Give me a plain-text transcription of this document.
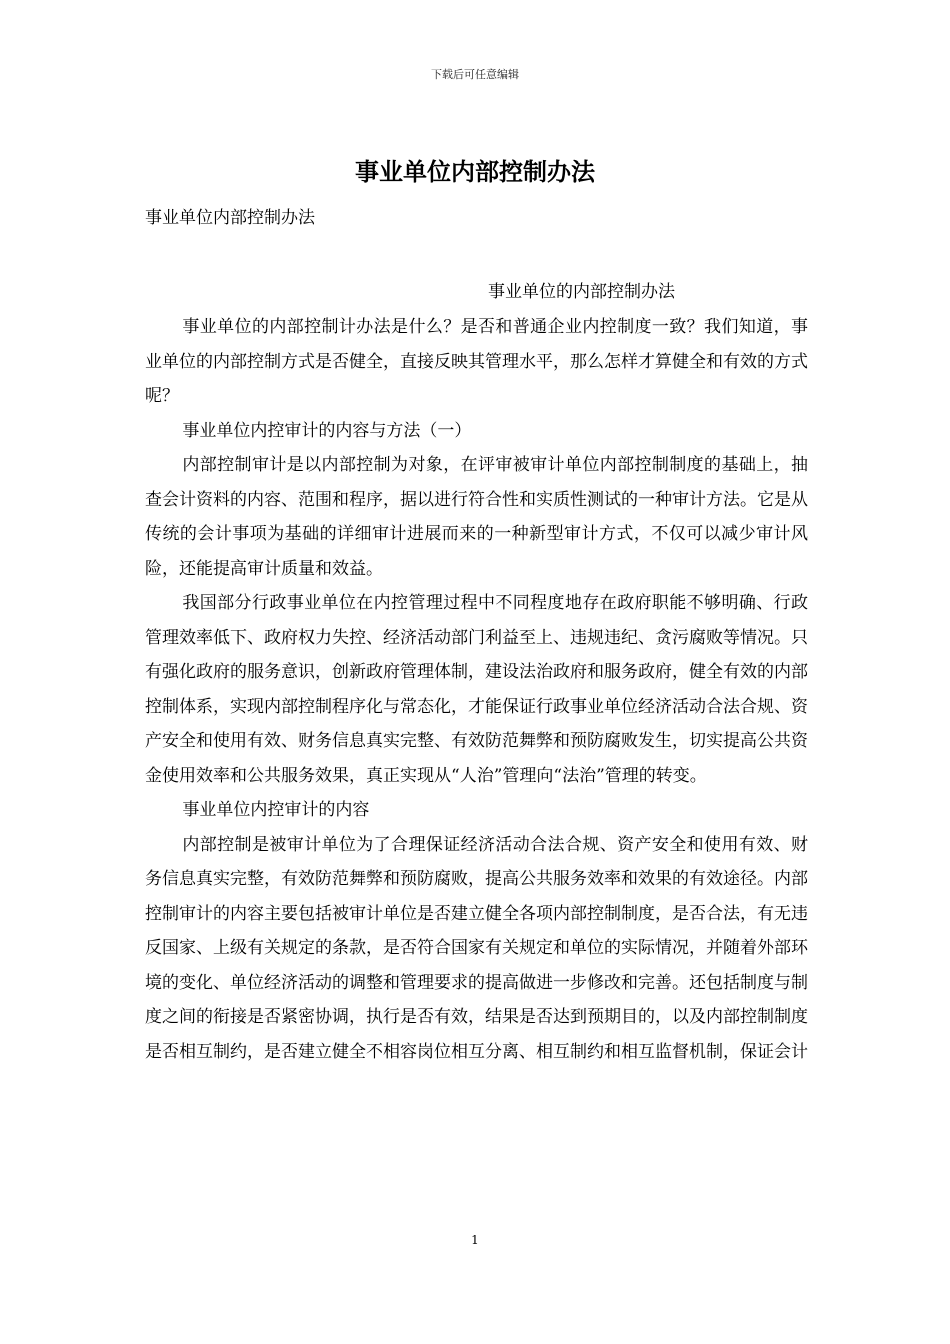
下载后可任意编辑
事业单位内部控制办法
事业单位内部控制办法
事业单位的内部控制办法

事业单位的内部控制计办法是什么？是否和普通企业内控制度一致？我们知道，事业单位的内部控制方式是否健全，直接反映其管理水平，那么怎样才算健全和有效的方式呢？

事业单位内控审计的内容与方法（一）

内部控制审计是以内部控制为对象，在评审被审计单位内部控制制度的基础上，抽查会计资料的内容、范围和程序，据以进行符合性和实质性测试的一种审计方法。它是从传统的会计事项为基础的详细审计进展而来的一种新型审计方式，不仅可以减少审计风险，还能提高审计质量和效益。

我国部分行政事业单位在内控管理过程中不同程度地存在政府职能不够明确、行政管理效率低下、政府权力失控、经济活动部门利益至上、违规违纪、贪污腐败等情况。只有强化政府的服务意识，创新政府管理体制，建设法治政府和服务政府，健全有效的内部控制体系，实现内部控制程序化与常态化，才能保证行政事业单位经济活动合法合规、资产安全和使用有效、财务信息真实完整、有效防范舞弊和预防腐败发生，切实提高公共资金使用效率和公共服务效果，真正实现从“人治”管理向“法治”管理的转变。

事业单位内控审计的内容

内部控制是被审计单位为了合理保证经济活动合法合规、资产安全和使用有效、财务信息真实完整，有效防范舞弊和预防腐败，提高公共服务效率和效果的有效途径。内部控制审计的内容主要包括被审计单位是否建立健全各项内部控制制度，是否合法，有无违反国家、上级有关规定的条款，是否符合国家有关规定和单位的实际情况，并随着外部环境的变化、单位经济活动的调整和管理要求的提高做进一步修改和完善。还包括制度与制度之间的衔接是否紧密协调，执行是否有效，结果是否达到预期目的，以及内部控制制度是否相互制约，是否建立健全不相容岗位相互分离、相互制约和相互监督机制，保证会计

1
